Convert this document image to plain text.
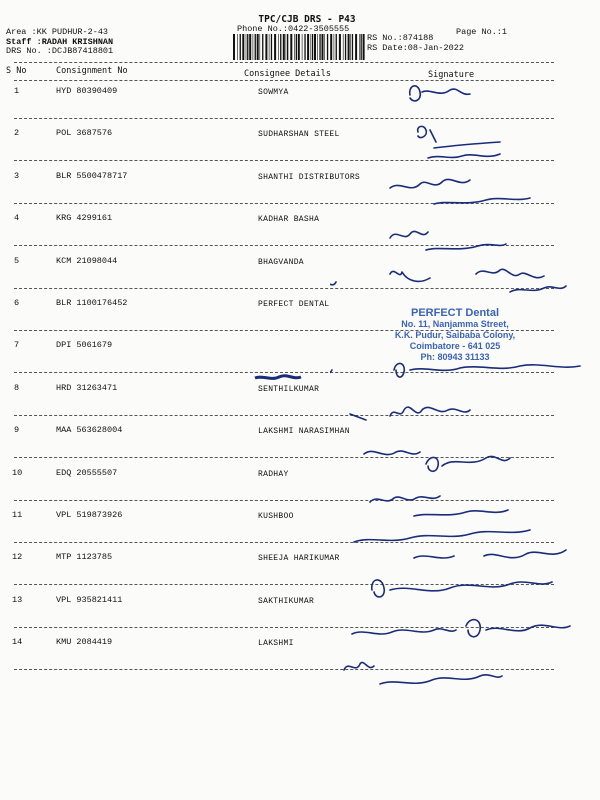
TPC/CJB DRS - P43
Phone No.:0422-3505555	Page No.:1
Area :KK PUDHUR-2-43
Staff :RADAH KRISHNAN
DRS No. :DCJB87418801
RS No.:874188
RS Date:08-Jan-2022
S No	Consignment No	Consignee Details	Signature
1	HYD 80390409	SOWMYA
2	POL 3687576	SUDHARSHAN STEEL
3	BLR 5500478717	SHANTHI DISTRIBUTORS
4	KRG 4299161	KADHAR BASHA
5	KCM 21098044	BHAGVANDA
6	BLR 1100176452	PERFECT DENTAL
7	DPI 5061679
8	HRD 31263471	SENTHILKUMAR
9	MAA 563628004	LAKSHMI NARASIMHAN
10	EDQ 20555507	RADHAY
11	VPL 519873926	KUSHBOO
12	MTP 1123785	SHEEJA HARIKUMAR
13	VPL 935821411	SAKTHIKUMAR
14	KMU 2084419	LAKSHMI
PERFECT Dental
No. 11, Nanjamma Street,
K.K. Pudur, Saibaba Colony,
Coimbatore - 641 025
Ph: 80943 31133
